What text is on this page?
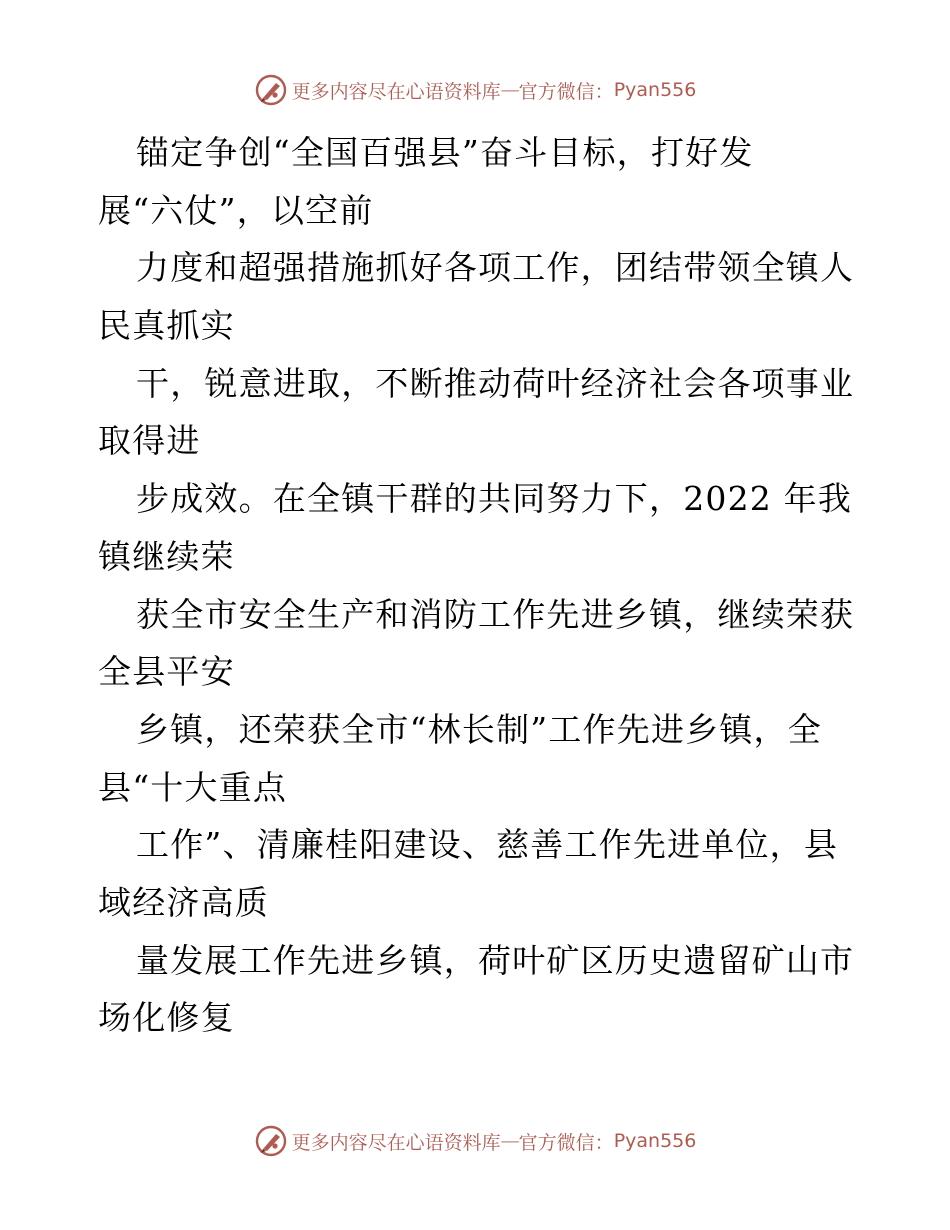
更多内容尽在心语资料库 — 官方微信： Pyan556
锚定争创“全国百强县”奋斗目标，打好发
展“六仗”，以空前
力度和超强措施抓好各项工作，团结带领全镇人
民真抓实
干，锐意进取，不断推动荷叶经济社会各项事业
取得进
步成效。在全镇干群的共同努力下，2022 年我
镇继续荣
获全市安全生产和消防工作先进乡镇，继续荣获
全县平安
乡镇，还荣获全市“林长制”工作先进乡镇，全
县“十大重点
工作”、清廉桂阳建设、慈善工作先进单位，县
域经济高质
量发展工作先进乡镇，荷叶矿区历史遗留矿山市
场化修复
更多内容尽在心语资料库 — 官方微信： Pyan556
